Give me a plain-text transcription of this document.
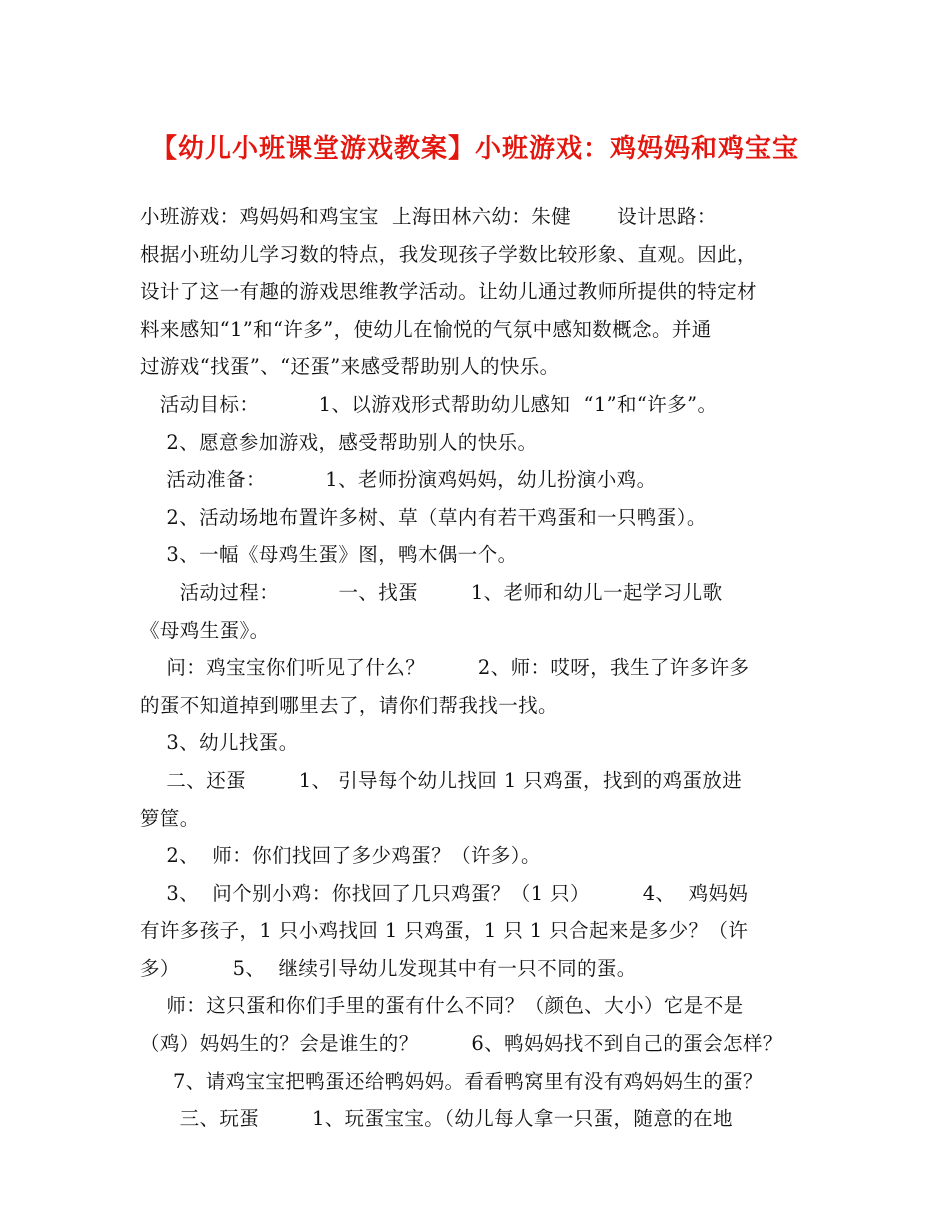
【幼儿小班课堂游戏教案】小班游戏：鸡妈妈和鸡宝宝
小班游戏：鸡妈妈和鸡宝宝  上海田林六幼：朱健       设计思路：
根据小班幼儿学习数的特点，我发现孩子学数比较形象、直观。因此，
设计了这一有趣的游戏思维教学活动。让幼儿通过教师所提供的特定材
料来感知“1”和“许多”，使幼儿在愉悦的气氛中感知数概念。并通
过游戏“找蛋”、“还蛋”来感受帮助别人的快乐。
活动目标：         1、以游戏形式帮助幼儿感知  “1”和“许多”。
2、愿意参加游戏，感受帮助别人的快乐。
活动准备：         1、老师扮演鸡妈妈，幼儿扮演小鸡。
2、活动场地布置许多树、草（草内有若干鸡蛋和一只鸭蛋）。
3、一幅《母鸡生蛋》图，鸭木偶一个。
活动过程：         一、找蛋        1、老师和幼儿一起学习儿歌
《母鸡生蛋》。
问：鸡宝宝你们听见了什么？        2、师：哎呀，我生了许多许多
的蛋不知道掉到哪里去了，请你们帮我找一找。
3、幼儿找蛋。
二、还蛋        1、 引导每个幼儿找回 1 只鸡蛋，找到的鸡蛋放进
箩筐。
2、  师：你们找回了多少鸡蛋？（许多）。
3、  问个别小鸡：你找回了几只鸡蛋？（1 只）        4、  鸡妈妈
有许多孩子，1 只小鸡找回 1 只鸡蛋，1 只 1 只合起来是多少？（许
多）        5、  继续引导幼儿发现其中有一只不同的蛋。
师：这只蛋和你们手里的蛋有什么不同？（颜色、大小）它是不是
（鸡）妈妈生的？会是谁生的？        6、鸭妈妈找不到自己的蛋会怎样？
7、请鸡宝宝把鸭蛋还给鸭妈妈。看看鸭窝里有没有鸡妈妈生的蛋？
三、玩蛋        1、玩蛋宝宝。（幼儿每人拿一只蛋，随意的在地
